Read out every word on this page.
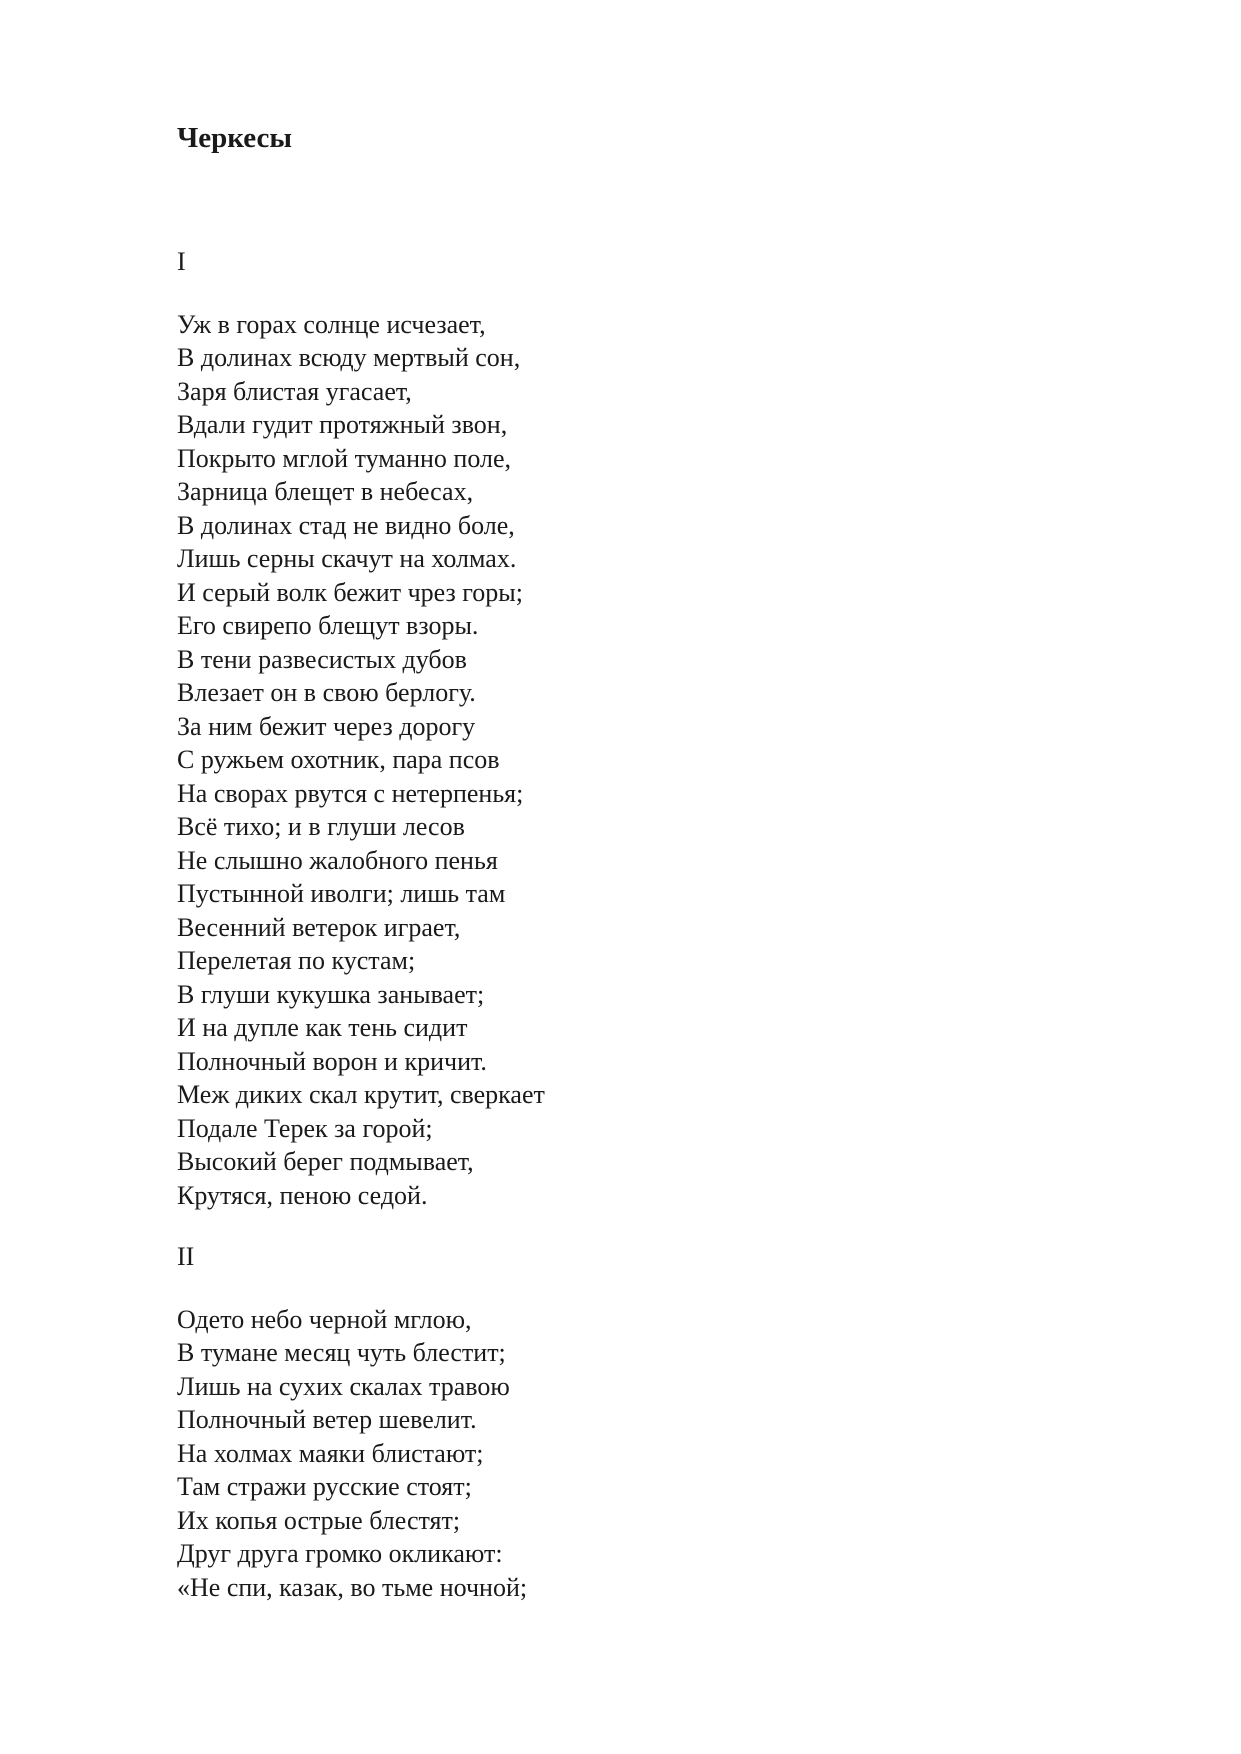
Черкесы
I
Уж в горах солнце исчезает,
В долинах всюду мертвый сон,
Заря блистая угасает,
Вдали гудит протяжный звон,
Покрыто мглой туманно поле,
Зарница блещет в небесах,
В долинах стад не видно боле,
Лишь серны скачут на холмах.
И серый волк бежит чрез горы;
Его свирепо блещут взоры.
В тени развесистых дубов
Влезает он в свою берлогу.
За ним бежит через дорогу
С ружьем охотник, пара псов
На сворах рвутся с нетерпенья;
Всё тихо; и в глуши лесов
Не слышно жалобного пенья
Пустынной иволги; лишь там
Весенний ветерок играет,
Перелетая по кустам;
В глуши кукушка занывает;
И на дупле как тень сидит
Полночный ворон и кричит.
Меж диких скал крутит, сверкает
Подале Терек за горой;
Высокий берег подмывает,
Крутяся, пеною седой.
II
Одето небо черной мглою,
В тумане месяц чуть блестит;
Лишь на сухих скалах травою
Полночный ветер шевелит.
На холмах маяки блистают;
Там стражи русские стоят;
Их копья острые блестят;
Друг друга громко окликают:
«Не спи, казак, во тьме ночной;
